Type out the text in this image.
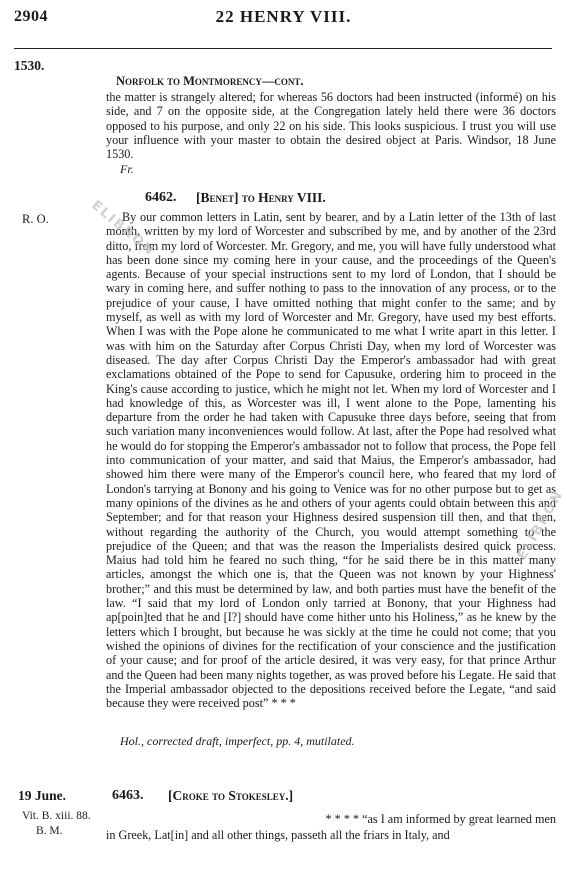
2904	22 HENRY VIII.
1530.
Norfolk to Montmorency—cont.

the matter is strangely altered; for whereas 56 doctors had been instructed (informé) on his side, and 7 on the opposite side, at the Congregation lately held there were 36 doctors opposed to his purpose, and only 22 on his side. This looks suspicious. I trust you will use your influence with your master to obtain the desired object at Paris. Windsor, 18 June 1530.

Fr.
6462. [Benet] to Henry VIII.
R. O.	By our common letters in Latin, sent by bearer, and by a Latin letter of the 13th of last month, written by my lord of Worcester and subscribed by me, and by another of the 23rd ditto, from my lord of Worcester. Mr. Gregory, and me, you will have fully understood what has been done since my coming here in your cause, and the proceedings of the Queen's agents. Because of your special instructions sent to my lord of London, that I should be wary in coming here, and suffer nothing to pass to the innovation of any process, or to the prejudice of your cause, I have omitted nothing that might confer to the same; and by myself, as well as with my lord of Worcester and Mr. Gregory, have used my best efforts. When I was with the Pope alone he communicated to me what I write apart in this letter. I was with him on the Saturday after Corpus Christi Day, when my lord of Worcester was diseased. The day after Corpus Christi Day the Emperor's ambassador had with great exclamations obtained of the Pope to send for Capusuke, ordering him to proceed in the King's cause according to justice, which he might not let. When my lord of Worcester and I had knowledge of this, as Worcester was ill, I went alone to the Pope, lamenting his departure from the order he had taken with Capusuke three days before, seeing that from such variation many inconveniences would follow. At last, after the Pope had resolved what he would do for stopping the Emperor's ambassador not to follow that process, the Pope fell into communication of your matter, and said that Maius, the Emperor's ambassador, had showed him there were many of the Emperor's council here, who feared that my lord of London's tarrying at Bonony and his going to Venice was for no other purpose but to get as many opinions of the divines as he and others of your agents could obtain between this and September; and for that reason your Highness desired suspension till then, and that then, without regarding the authority of the Church, you would attempt something to the prejudice of the Queen; and that was the reason the Imperialists desired quick process. Maius had told him he feared no such thing, “for he said there be in this matter many articles, amongst the which one is, that the Queen was not known by your Highness' brother;” and this must be determined by law, and both parties must have the benefit of the law. “I said that my lord of London only tarried at Bonony, that your Highness had ap[poin]ted that he and [I?] should have come hither unto his Holiness,” as he knew by the letters which I brought, but because he was sickly at the time he could not come; that you wished the opinions of divines for the rectification of your conscience and the justification of your cause; and for proof of the article desired, it was very easy, for that prince Arthur and the Queen had been many nights together, as was proved before his Legate. He said that the Imperial ambassador objected to the depositions received before the Legate, “and said because they were received post” * * *

Hol., corrected draft, imperfect, pp. 4, mutilated.
19 June.	6463. [Croke to Stokesley.]
Vit. B. xiii. 88.
B. M.

* * * * “as I am informed by great learned men

in Greek, Lat[in] and all other things, passeth all the friars in Italy, and

ELIBRON
ELIBRON
